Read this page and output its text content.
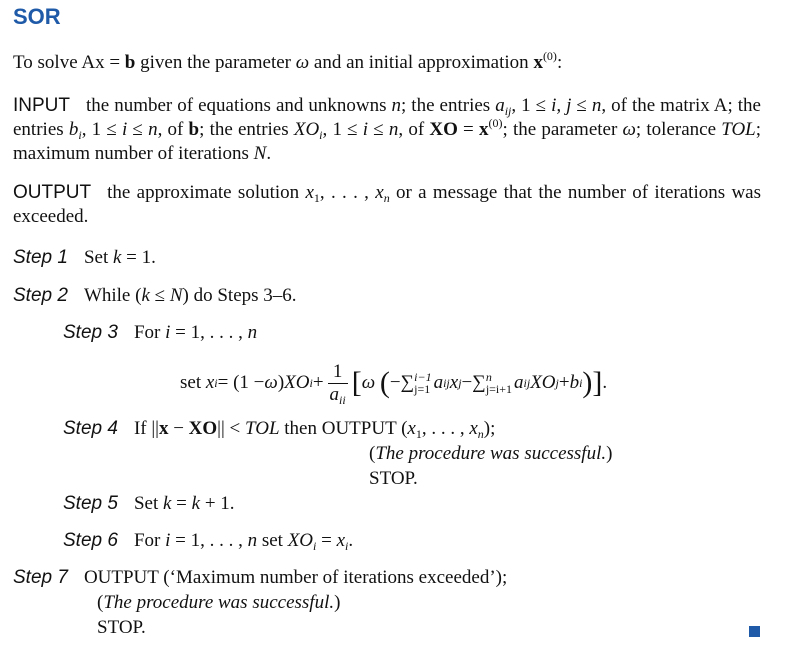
SOR
To solve Ax = b given the parameter ω and an initial approximation $x^{(0)}$:
INPUT the number of equations and unknowns n; the entries $a_{ij}$, 1 ≤ i, j ≤ n, of the matrix A; the entries $b_i$, 1 ≤ i ≤ n, of b; the entries $XO_i$, 1 ≤ i ≤ n, of XO = $x^{(0)}$; the parameter ω; tolerance TOL; maximum number of iterations N.
OUTPUT the approximate solution $x_1$, . . . , $x_n$ or a message that the number of iterations was exceeded.
Step 1 Set k = 1.
Step 2 While (k ≤ N) do Steps 3–6.
Step 3 For i = 1, . . . , n
set
x i = (1 − ω ) XO $i + \frac{1}{a_{ii}}$ [ ω
( − ∑ i−1
j=1 a ij x j − ∑ n
j=i+1 a ij XO j + b i ) ] .
Step 4 If ||x − XO|| < TOL then OUTPUT ($x_1$, . . . , $x_n$);
(The procedure was successful.)
STOP.
Step 5 Set k = k + 1.
Step 6 For i = 1, . . . , n set $XO_i = x_i$.
Step 7 OUTPUT (‘Maximum number of iterations exceeded’);
(The procedure was successful.)
STOP.
